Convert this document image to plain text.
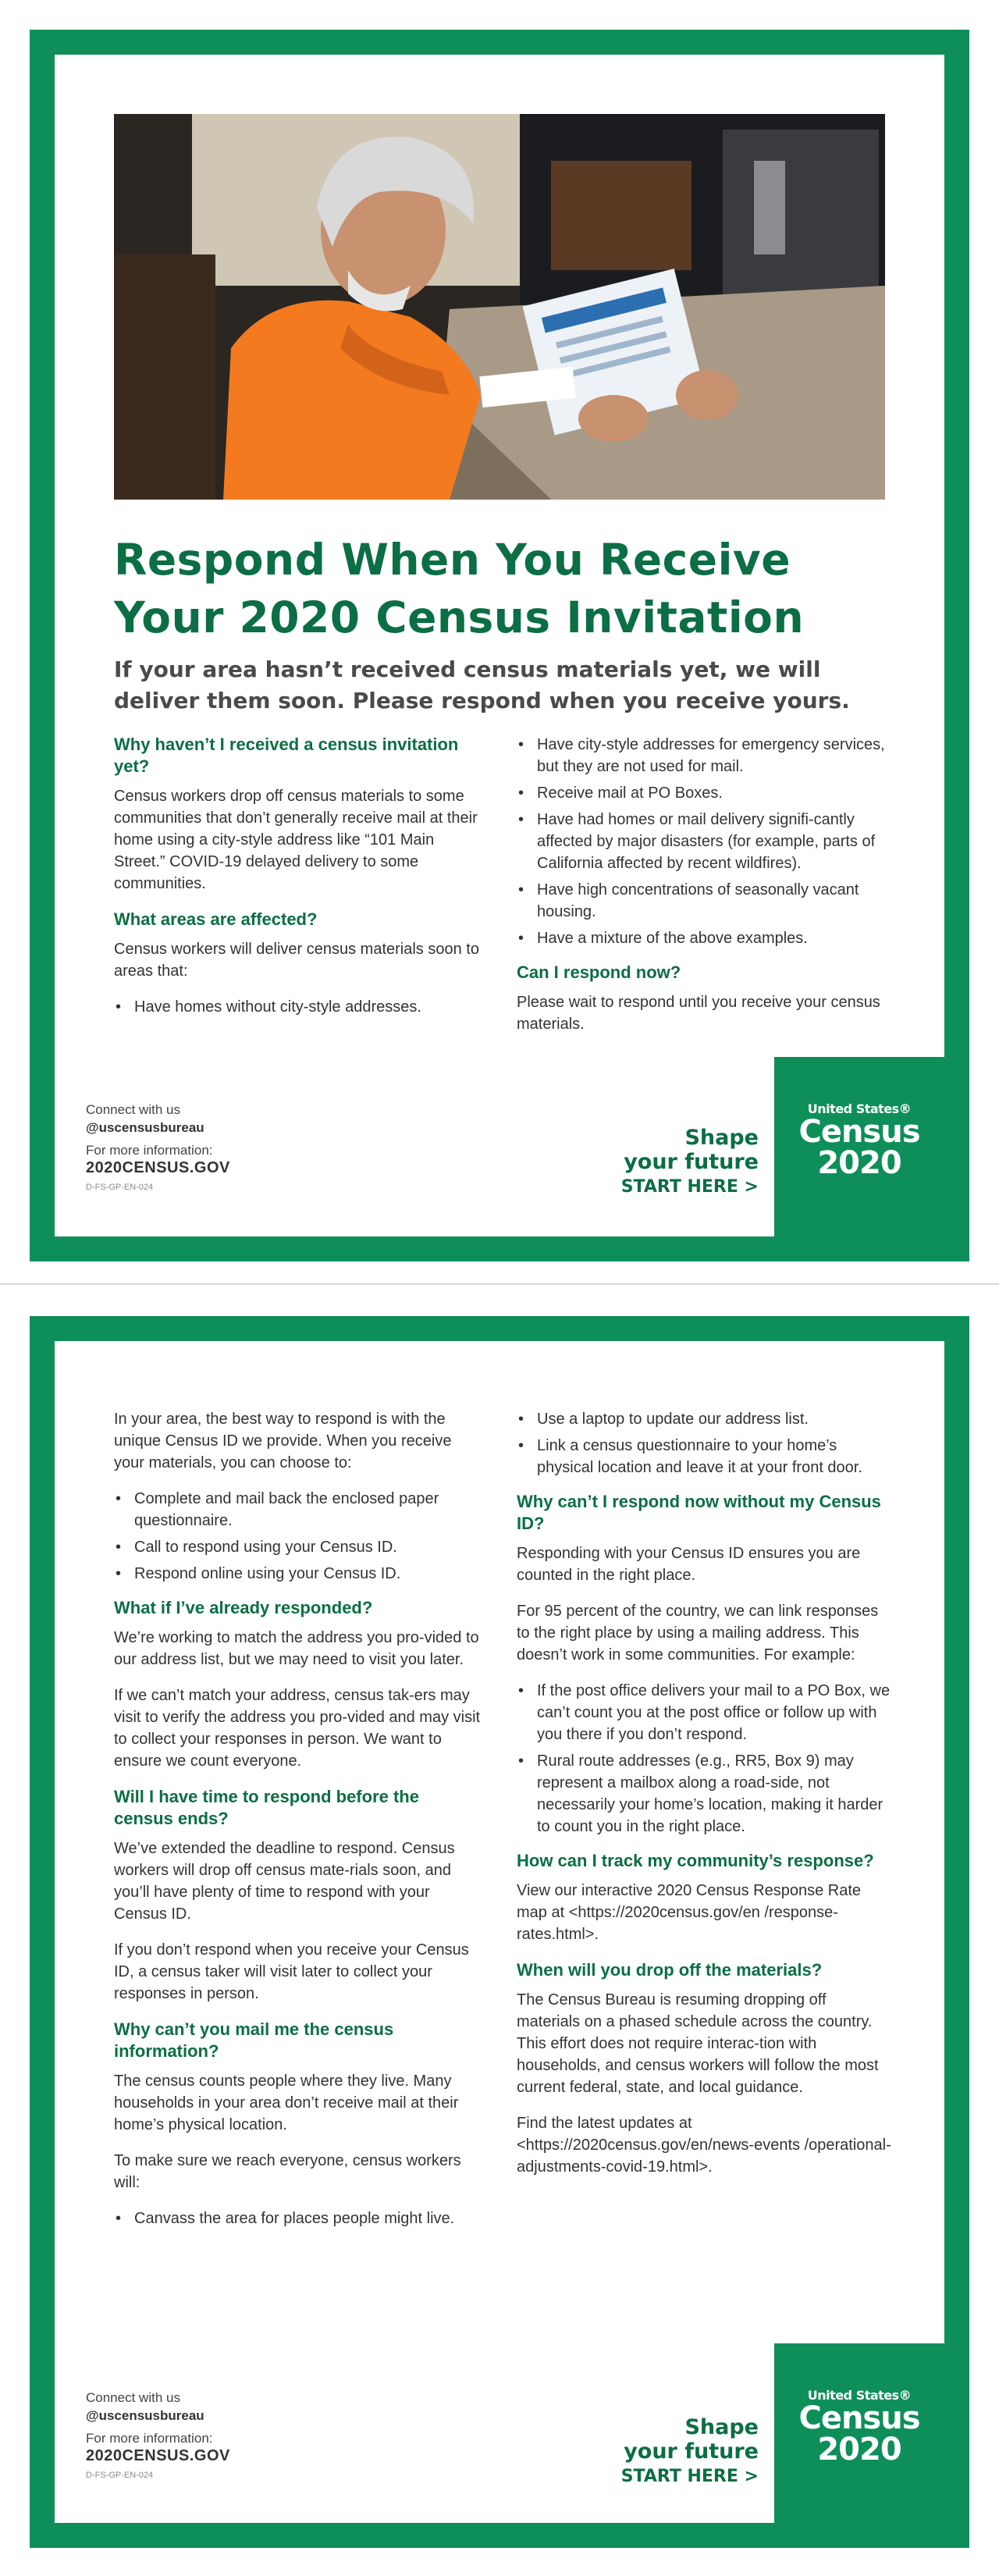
Respond When You Receive
Your 2020 Census Invitation
If your area hasn’t received census materials yet, we will deliver them soon. Please respond when you receive yours.
Why haven’t I received a census invitation yet?

Census workers drop off census materials to some communities that don’t generally receive mail at their home using a city-style address like “101 Main Street.” COVID-19 delayed delivery to some communities.

What areas are affected?

Census workers will deliver census materials soon to areas that:

• Have homes without city-style addresses.
• Have city-style addresses for emergency services, but they are not used for mail.
• Receive mail at PO Boxes.
• Have had homes or mail delivery signifi-cantly affected by major disasters (for example, parts of California affected by recent wildfires).
• Have high concentrations of seasonally vacant housing.
• Have a mixture of the above examples.
Can I respond now?

Please wait to respond until you receive your census materials.

Connect with us
@uscensusbureau
For more information:
2020CENSUS.GOV
D-FS-GP-EN-024
Shape
your future
START HERE >
United States®
Census
2020

In your area, the best way to respond is with the unique Census ID we provide. When you receive your materials, you can choose to:

• Complete and mail back the enclosed paper questionnaire.
• Call to respond using your Census ID.
• Respond online using your Census ID.
What if I’ve already responded?

We’re working to match the address you pro-vided to our address list, but we may need to visit you later.

If we can’t match your address, census tak-ers may visit to verify the address you pro-vided and may visit to collect your responses in person. We want to ensure we count everyone.

Will I have time to respond before the census ends?

We’ve extended the deadline to respond. Census workers will drop off census mate-rials soon, and you’ll have plenty of time to respond with your Census ID.

If you don’t respond when you receive your Census ID, a census taker will visit later to collect your responses in person.

Why can’t you mail me the census information?

The census counts people where they live. Many households in your area don’t receive mail at their home’s physical location.

To make sure we reach everyone, census workers will:

• Canvass the area for places people might live.
• Use a laptop to update our address list.
• Link a census questionnaire to your home’s physical location and leave it at your front door.
Why can’t I respond now without my Census ID?

Responding with your Census ID ensures you are counted in the right place.

For 95 percent of the country, we can link responses to the right place by using a mailing address. This doesn’t work in some communities. For example:

• If the post office delivers your mail to a PO Box, we can’t count you at the post office or follow up with you there if you don’t respond.
• Rural route addresses (e.g., RR5, Box 9) may represent a mailbox along a road-side, not necessarily your home’s location, making it harder to count you in the right place.
How can I track my community’s response?

View our interactive 2020 Census Response Rate map at <https://2020census.gov/en /response-rates.html>.

When will you drop off the materials?

The Census Bureau is resuming dropping off materials on a phased schedule across the country. This effort does not require interac-tion with households, and census workers will follow the most current federal, state, and local guidance.

Find the latest updates at <https://2020census.gov/en/news-events /operational-adjustments-covid-19.html>.

Connect with us
@uscensusbureau
For more information:
2020CENSUS.GOV
D-FS-GP-EN-024
Shape
your future
START HERE >
United States®
Census
2020
